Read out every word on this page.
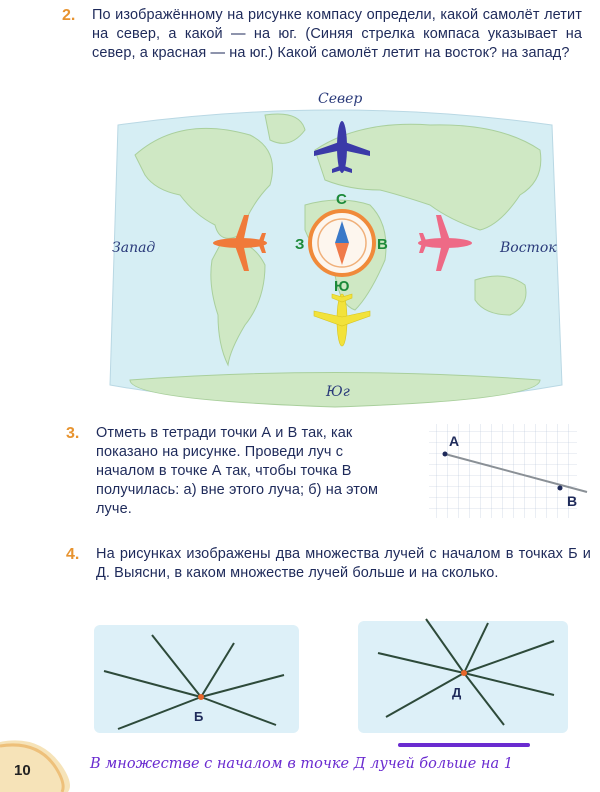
2. По изображённому на рисунке компасу определи, какой самолёт летит на север, а какой — на юг. (Синяя стрелка компаса указывает на север, а красная — на юг.) Какой самолёт летит на восток? на запад?
Север
Запад	Восток
Юг
С
З	В
Ю
3. Отметь в тетради точки А и В так, как показано на рисунке. Проведи луч с началом в точке А так, чтобы точка В получилась: а) вне этого луча; б) на этом луче.
А
В
4. На рисунках изображены два множества лучей с началом в точках Б и Д. Выясни, в каком множестве лучей больше и на сколько.
Б
Д
10	В множестве с началом в точке Д лучей больше на 1
